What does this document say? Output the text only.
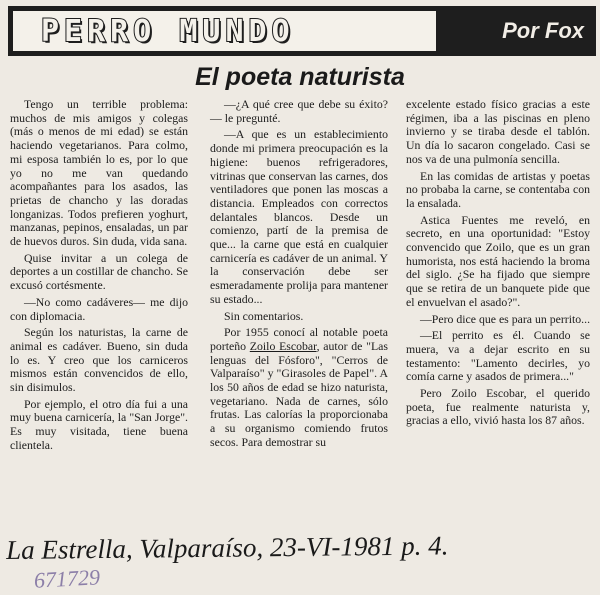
PERRO MUNDO	Por Fox
El poeta naturista

Tengo un terrible problema: muchos de mis amigos y colegas (más o menos de mi edad) se están haciendo vegetarianos. Para colmo, mi esposa también lo es, por lo que yo no me van quedando acompañantes para los asados, las prietas de chancho y las doradas longanizas. Todos prefieren yoghurt, manzanas, pepinos, ensaladas, un par de huevos duros. Sin duda, vida sana.

Quise invitar a un colega de deportes a un costillar de chancho. Se excusó cortésmente.

—No como cadáveres— me dijo con diplomacia.

Según los naturistas, la carne de animal es cadáver. Bueno, sin duda lo es. Y creo que los carniceros mismos están convencidos de ello, sin disimulos.

Por ejemplo, el otro día fui a una muy buena carnicería, la "San Jorge". Es muy visitada, tiene buena clientela.

—¿A qué cree que debe su éxito?— le pregunté.

—A que es un establecimiento donde mi primera preocupación es la higiene: buenos refrigeradores, vitrinas que conservan las carnes, dos ventiladores que ponen las moscas a distancia. Empleados con correctos delantales blancos. Desde un comienzo, partí de la premisa de que... la carne que está en cualquier carnicería es cadáver de un animal. Y la conservación debe ser esmeradamente prolija para mantener su estado...

Sin comentarios.

Por 1955 conocí al notable poeta porteño Zoilo Escobar, autor de "Las lenguas del Fósforo", "Cerros de Valparaíso" y "Girasoles de Papel". A los 50 años de edad se hizo naturista, vegetariano. Nada de carnes, sólo frutas. Las calorías la proporcionaba a su organismo comiendo frutos secos. Para demostrar su

excelente estado físico gracias a este régimen, iba a las piscinas en pleno invierno y se tiraba desde el tablón. Un día lo sacaron congelado. Casi se nos va de una pulmonía sencilla.

En las comidas de artistas y poetas no probaba la carne, se contentaba con la ensalada.

Astica Fuentes me reveló, en secreto, en una oportunidad: "Estoy convencido que Zoilo, que es un gran humorista, nos está haciendo la broma del siglo. ¿Se ha fijado que siempre que se retira de un banquete pide que el envuelvan el asado?".

—Pero dice que es para un perrito...

—El perrito es él. Cuando se muera, va a dejar escrito en su testamento: "Lamento decirles, yo comía carne y asados de primera..."

Pero Zoilo Escobar, el querido poeta, fue realmente naturista y, gracias a ello, vivió hasta los 87 años.

La Estrella, Valparaíso, 23-VI-1981 p. 4.
671729
